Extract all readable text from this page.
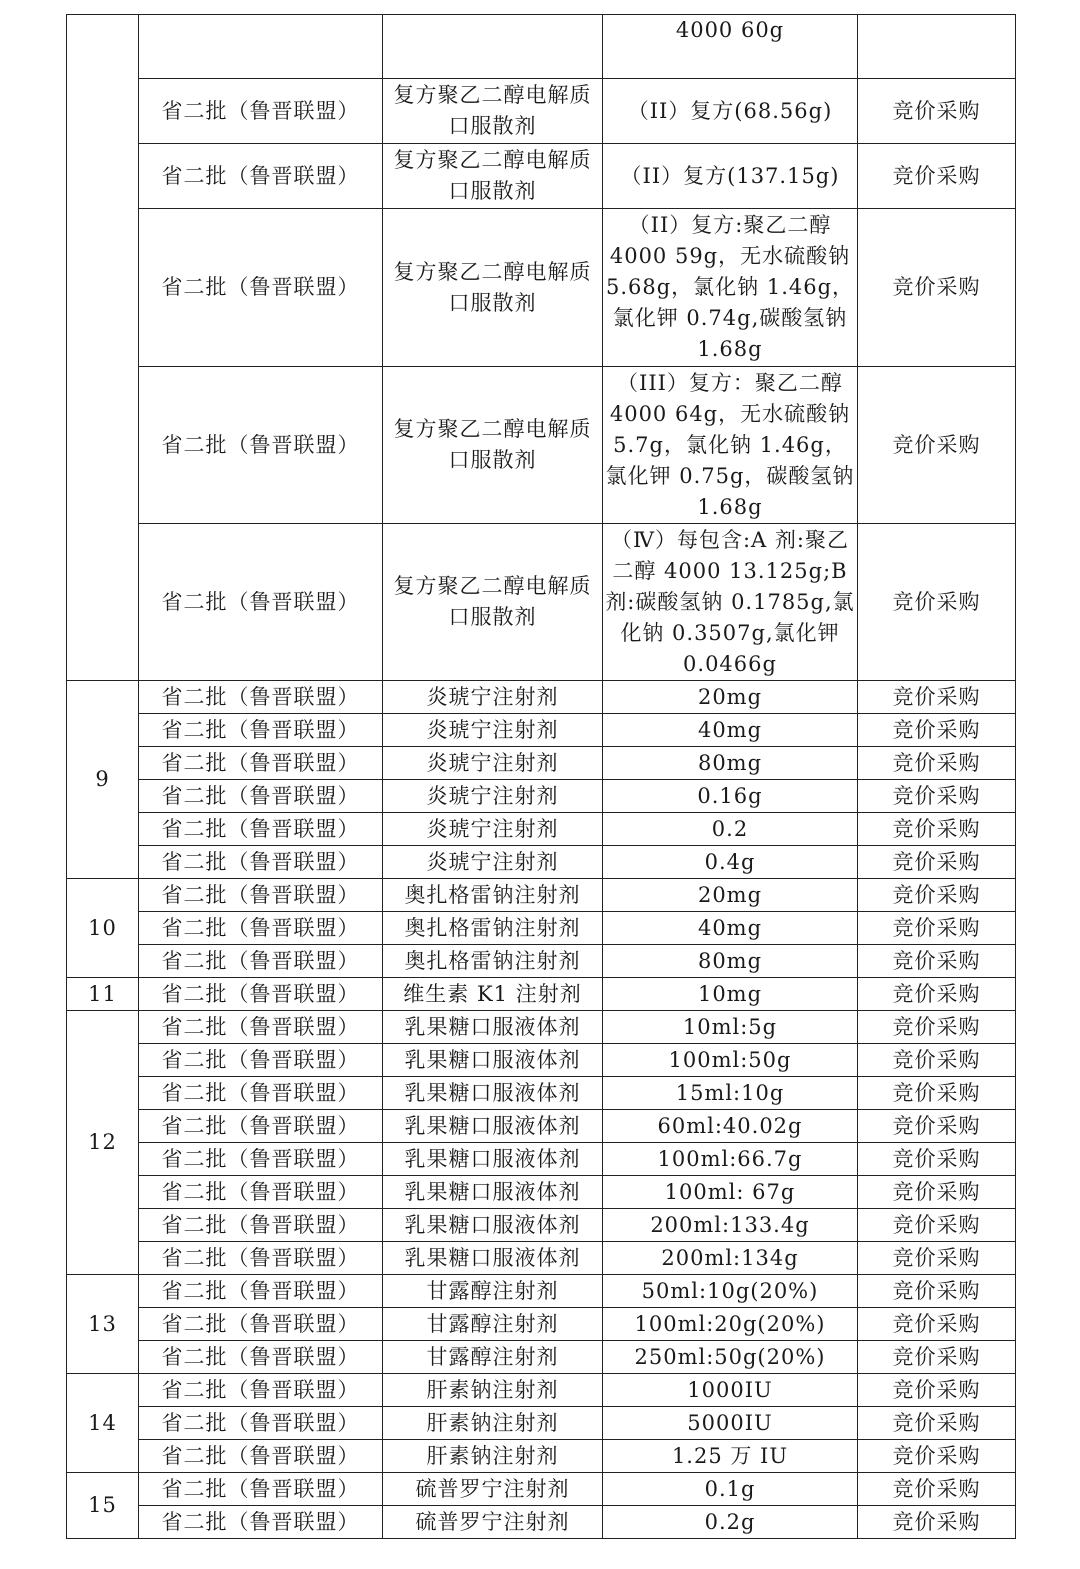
			4000 60g	
	省二批（鲁晋联盟）	复方聚乙二醇电解质口服散剂	（II）复方(68.56g)	竞价采购
	省二批（鲁晋联盟）	复方聚乙二醇电解质口服散剂	（II）复方(137.15g)	竞价采购
	省二批（鲁晋联盟）	复方聚乙二醇电解质口服散剂	（II）复方:聚乙二醇4000 59g，无水硫酸钠5.68g，氯化钠 1.46g，氯化钾 0.74g,碳酸氢钠1.68g	竞价采购
	省二批（鲁晋联盟）	复方聚乙二醇电解质口服散剂	（III）复方：聚乙二醇4000 64g，无水硫酸钠5.7g，氯化钠 1.46g，氯化钾 0.75g，碳酸氢钠1.68g	竞价采购
	省二批（鲁晋联盟）	复方聚乙二醇电解质口服散剂	（Ⅳ）每包含:A 剂:聚乙二醇 4000 13.125g;B 剂:碳酸氢钠 0.1785g,氯化钠 0.3507g,氯化钾0.0466g	竞价采购
9	省二批（鲁晋联盟）	炎琥宁注射剂	20mg	竞价采购
	省二批（鲁晋联盟）	炎琥宁注射剂	40mg	竞价采购
	省二批（鲁晋联盟）	炎琥宁注射剂	80mg	竞价采购
	省二批（鲁晋联盟）	炎琥宁注射剂	0.16g	竞价采购
	省二批（鲁晋联盟）	炎琥宁注射剂	0.2	竞价采购
	省二批（鲁晋联盟）	炎琥宁注射剂	0.4g	竞价采购
10	省二批（鲁晋联盟）	奥扎格雷钠注射剂	20mg	竞价采购
	省二批（鲁晋联盟）	奥扎格雷钠注射剂	40mg	竞价采购
	省二批（鲁晋联盟）	奥扎格雷钠注射剂	80mg	竞价采购
11	省二批（鲁晋联盟）	维生素 K1 注射剂	10mg	竞价采购
12	省二批（鲁晋联盟）	乳果糖口服液体剂	10ml:5g	竞价采购
	省二批（鲁晋联盟）	乳果糖口服液体剂	100ml:50g	竞价采购
	省二批（鲁晋联盟）	乳果糖口服液体剂	15ml:10g	竞价采购
	省二批（鲁晋联盟）	乳果糖口服液体剂	60ml:40.02g	竞价采购
	省二批（鲁晋联盟）	乳果糖口服液体剂	100ml:66.7g	竞价采购
	省二批（鲁晋联盟）	乳果糖口服液体剂	100ml: 67g	竞价采购
	省二批（鲁晋联盟）	乳果糖口服液体剂	200ml:133.4g	竞价采购
	省二批（鲁晋联盟）	乳果糖口服液体剂	200ml:134g	竞价采购
13	省二批（鲁晋联盟）	甘露醇注射剂	50ml:10g(20%)	竞价采购
	省二批（鲁晋联盟）	甘露醇注射剂	100ml:20g(20%)	竞价采购
	省二批（鲁晋联盟）	甘露醇注射剂	250ml:50g(20%)	竞价采购
14	省二批（鲁晋联盟）	肝素钠注射剂	1000IU	竞价采购
	省二批（鲁晋联盟）	肝素钠注射剂	5000IU	竞价采购
	省二批（鲁晋联盟）	肝素钠注射剂	1.25 万 IU	竞价采购
15	省二批（鲁晋联盟）	硫普罗宁注射剂	0.1g	竞价采购
	省二批（鲁晋联盟）	硫普罗宁注射剂	0.2g	竞价采购
